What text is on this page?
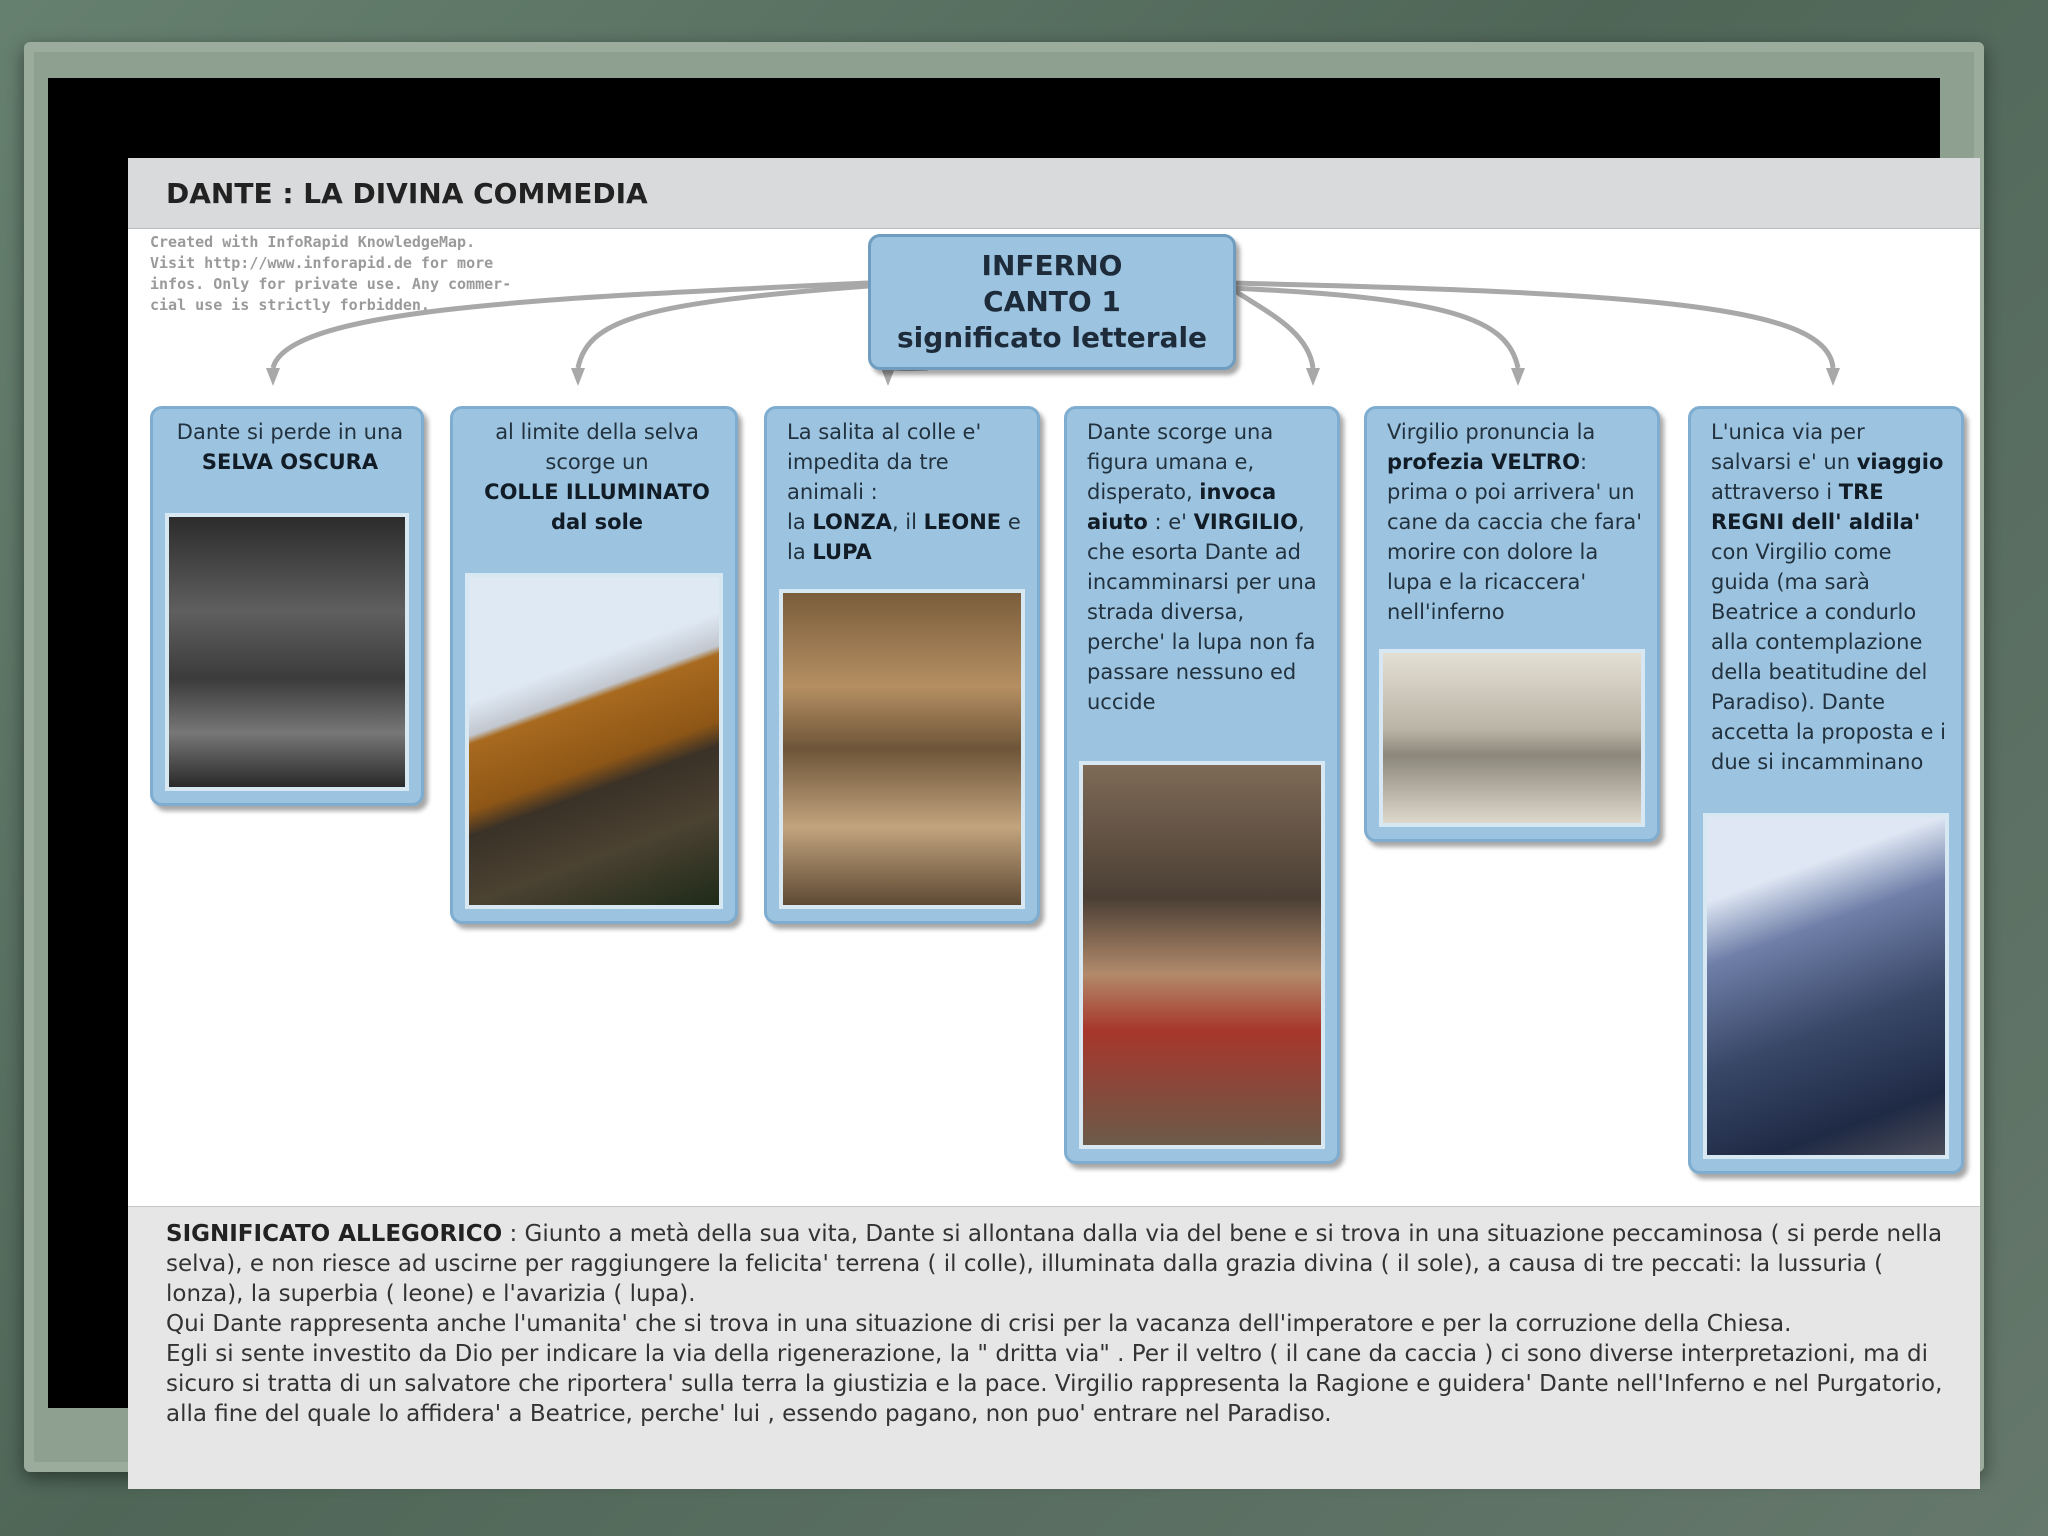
DANTE : LA DIVINA COMMEDIA
Created with InfoRapid KnowledgeMap.
Visit http://www.inforapid.de for more
infos. Only for private use. Any commer-
cial use is strictly forbidden.
INFERNO
CANTO 1
significato letterale
Dante si perde in una
SELVA OSCURA
al limite della selva scorge un
COLLE ILLUMINATO dal sole
La salita al colle e' impedita da tre animali :
la LONZA, il LEONE e la LUPA
Dante scorge una figura umana e, disperato, invoca aiuto : e' VIRGILIO, che esorta Dante ad incamminarsi per una strada diversa, perche' la lupa non fa passare nessuno ed uccide
Virgilio pronuncia la profezia VELTRO: prima o poi arrivera' un cane da caccia che fara' morire con dolore la lupa e la ricaccera' nell'inferno
L'unica via per salvarsi e' un viaggio attraverso i TRE REGNI dell' aldila' con Virgilio come guida (ma sarà Beatrice a condurlo alla contemplazione della beatitudine del Paradiso). Dante accetta la proposta e i due si incamminano

SIGNIFICATO ALLEGORICO : Giunto a metà della sua vita, Dante si allontana dalla via del bene e si trova in una situazione peccaminosa ( si perde nella selva), e non riesce ad uscirne per raggiungere la felicita' terrena ( il colle), illuminata dalla grazia divina ( il sole), a causa di tre peccati: la lussuria ( lonza), la superbia ( leone) e l'avarizia ( lupa).
Qui Dante rappresenta anche l'umanita' che si trova in una situazione di crisi per la vacanza dell'imperatore e per la corruzione della Chiesa.
Egli si sente investito da Dio per indicare la via della rigenerazione, la " dritta via" . Per il veltro ( il cane da caccia ) ci sono diverse interpretazioni, ma di sicuro si tratta di un salvatore che riportera' sulla terra la giustizia e la pace. Virgilio rappresenta la Ragione e guidera' Dante nell'Inferno e nel Purgatorio, alla fine del quale lo affidera' a Beatrice, perche' lui , essendo pagano, non puo' entrare nel Paradiso.
